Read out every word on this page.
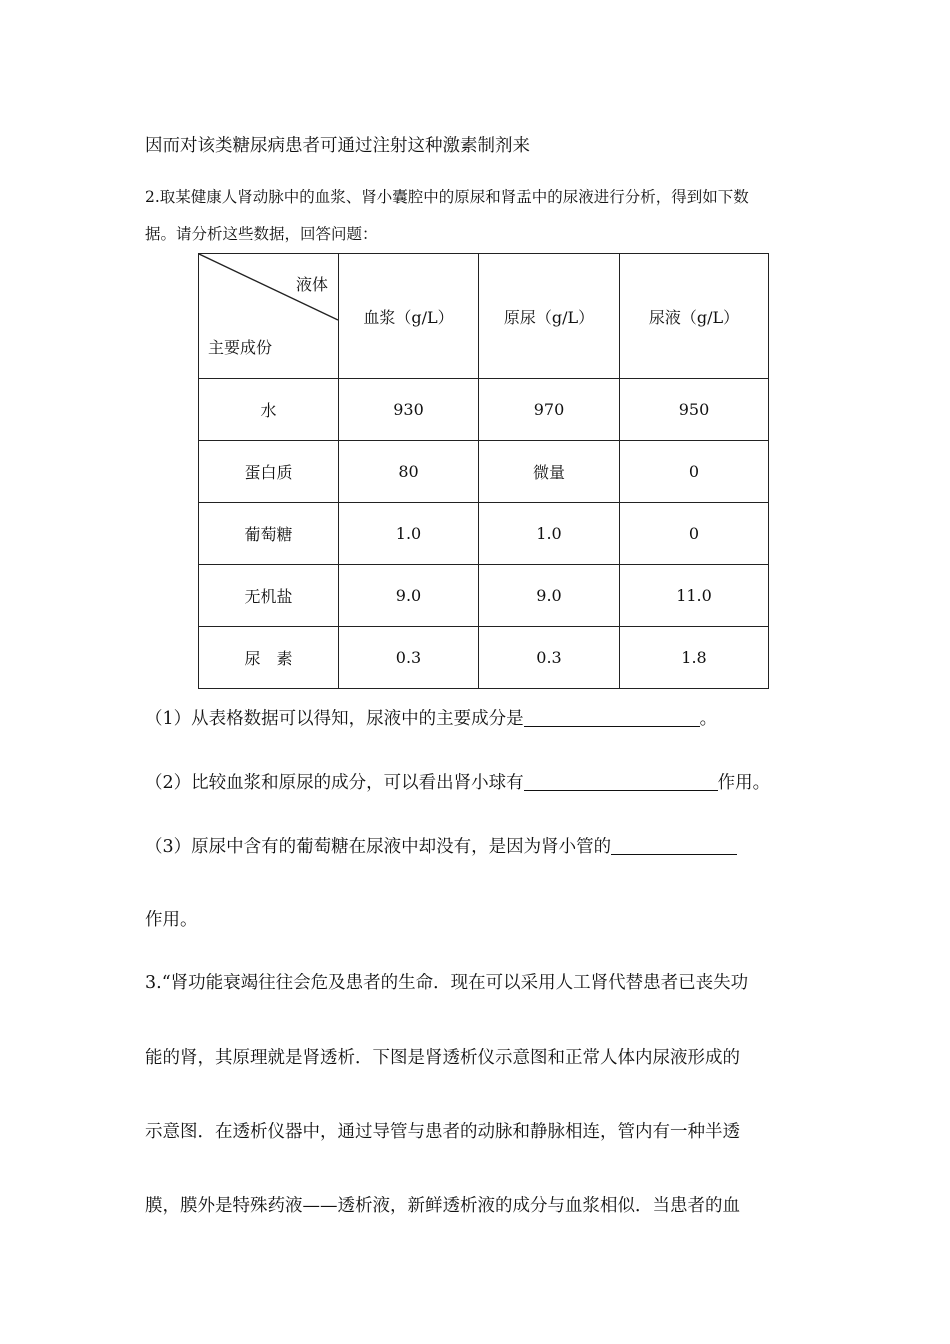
因而对该类糖尿病患者可通过注射这种激素制剂来
2.取某健康人肾动脉中的血浆、肾小囊腔中的原尿和肾盂中的尿液进行分析，得到如下数
据。请分析这些数据，回答问题：
液体
主要成份	血浆（g/L）	原尿（g/L）	尿液（g/L）
水	930	970	950
蛋白质	80	微量	0
葡萄糖	1.0	1.0	0
无机盐	9.0	9.0	11.0
尿　素	0.3	0.3	1.8
（1）从表格数据可以得知，尿液中的主要成分是	。
（2）比较血浆和原尿的成分，可以看出肾小球有	作用。
（3）原尿中含有的葡萄糖在尿液中却没有，是因为肾小管的
作用。
3.“肾功能衰竭往往会危及患者的生命．现在可以采用人工肾代替患者已丧失功
能的肾，其原理就是肾透析．下图是肾透析仪示意图和正常人体内尿液形成的
示意图．在透析仪器中，通过导管与患者的动脉和静脉相连，管内有一种半透
膜，膜外是特殊药液——透析液，新鲜透析液的成分与血浆相似．当患者的血
